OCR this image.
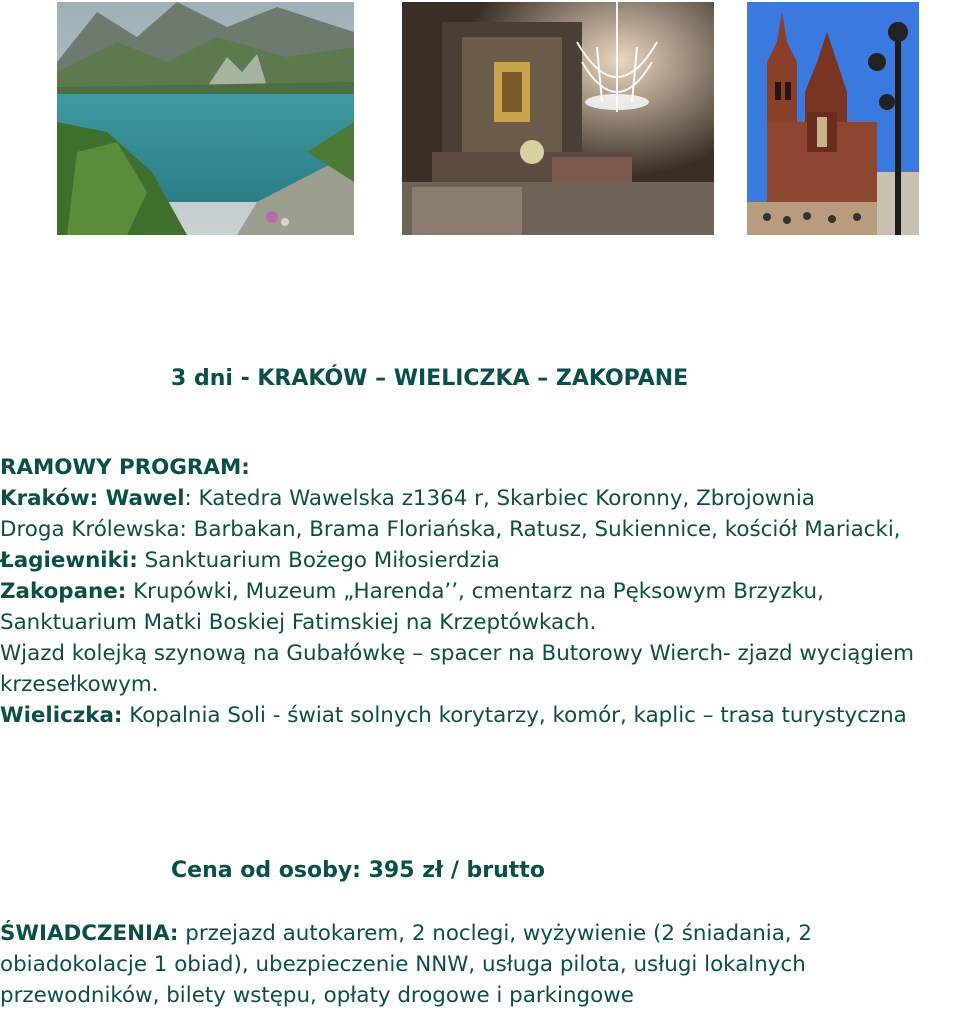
3 dni - KRAKÓW – WIELICZKA – ZAKOPANE

RAMOWY PROGRAM:

Kraków: Wawel: Katedra Wawelska z1364 r, Skarbiec Koronny, Zbrojownia

Droga Królewska: Barbakan, Brama Floriańska, Ratusz, Sukiennice, kościół Mariacki,

Łagiewniki: Sanktuarium Bożego Miłosierdzia

Zakopane: Krupówki, Muzeum „Harenda’’, cmentarz na Pęksowym Brzyzku, Sanktuarium Matki Boskiej Fatimskiej na Krzeptówkach.

Wjazd kolejką szynową na Gubałówkę – spacer na Butorowy Wierch- zjazd wyciągiem krzesełkowym.

Wieliczka: Kopalnia Soli - świat solnych korytarzy, komór, kaplic – trasa turystyczna

Cena od osoby: 395 zł / brutto

ŚWIADCZENIA: przejazd autokarem, 2 noclegi, wyżywienie (2 śniadania, 2 obiadokolacje 1 obiad), ubezpieczenie NNW, usługa pilota, usługi lokalnych przewodników, bilety wstępu, opłaty drogowe i parkingowe
